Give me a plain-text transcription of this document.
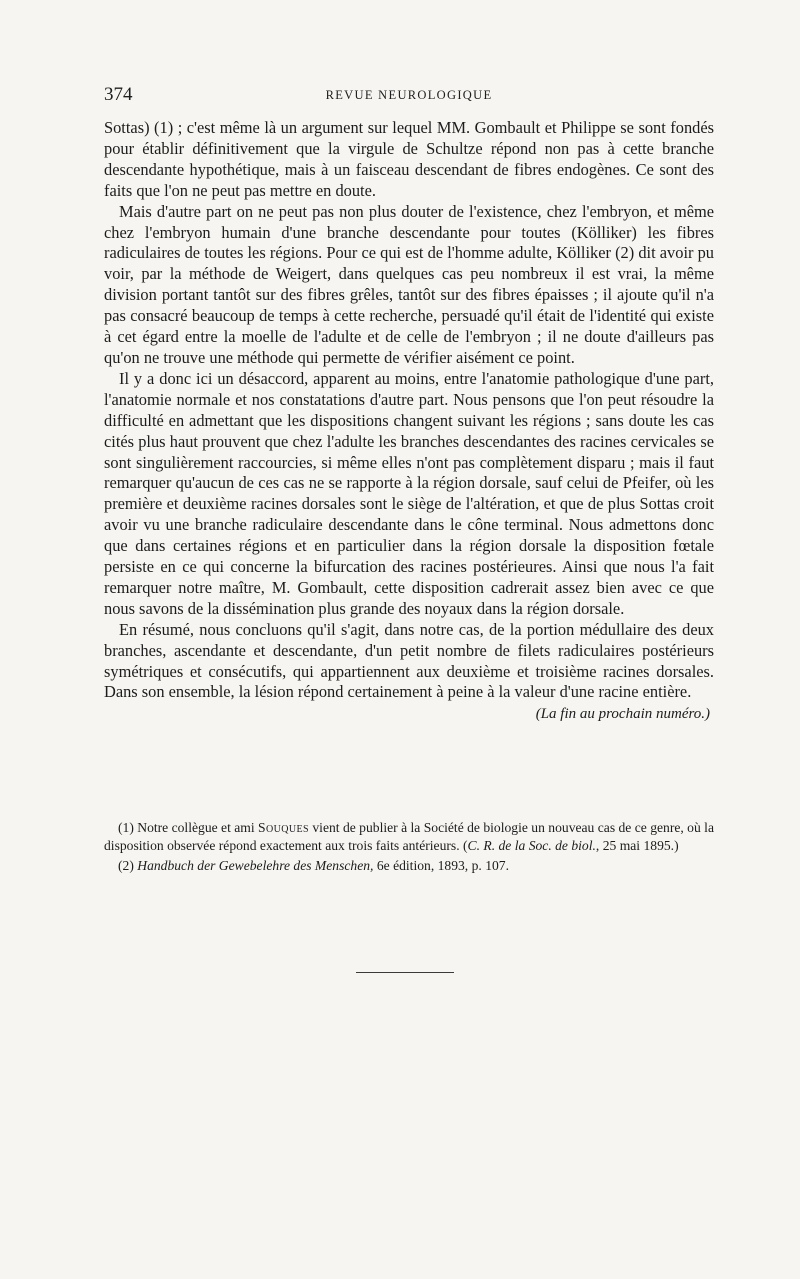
374	REVUE NEUROLOGIQUE

Sottas) (1) ; c'est même là un argument sur lequel MM. Gombault et Philippe se sont fondés pour établir définitivement que la virgule de Schultze répond non pas à cette branche descendante hypothétique, mais à un faisceau descendant de fibres endogènes. Ce sont des faits que l'on ne peut pas mettre en doute.

Mais d'autre part on ne peut pas non plus douter de l'existence, chez l'embryon, et même chez l'embryon humain d'une branche descendante pour toutes (Kölliker) les fibres radiculaires de toutes les régions. Pour ce qui est de l'homme adulte, Kölliker (2) dit avoir pu voir, par la méthode de Weigert, dans quelques cas peu nombreux il est vrai, la même division portant tantôt sur des fibres grêles, tantôt sur des fibres épaisses ; il ajoute qu'il n'a pas consacré beaucoup de temps à cette recherche, persuadé qu'il était de l'identité qui existe à cet égard entre la moelle de l'adulte et de celle de l'embryon ; il ne doute d'ailleurs pas qu'on ne trouve une méthode qui permette de vérifier aisément ce point.

Il y a donc ici un désaccord, apparent au moins, entre l'anatomie pathologique d'une part, l'anatomie normale et nos constatations d'autre part. Nous pensons que l'on peut résoudre la difficulté en admettant que les dispositions changent suivant les régions ; sans doute les cas cités plus haut prouvent que chez l'adulte les branches descendantes des racines cervicales se sont singulièrement raccourcies, si même elles n'ont pas complètement disparu ; mais il faut remarquer qu'aucun de ces cas ne se rapporte à la région dorsale, sauf celui de Pfeifer, où les première et deuxième racines dorsales sont le siège de l'altération, et que de plus Sottas croit avoir vu une branche radiculaire descendante dans le cône terminal. Nous admettons donc que dans certaines régions et en particulier dans la région dorsale la disposition fœtale persiste en ce qui concerne la bifurcation des racines postérieures. Ainsi que nous l'a fait remarquer notre maître, M. Gombault, cette disposition cadrerait assez bien avec ce que nous savons de la dissémination plus grande des noyaux dans la région dorsale.

En résumé, nous concluons qu'il s'agit, dans notre cas, de la portion médullaire des deux branches, ascendante et descendante, d'un petit nombre de filets radiculaires postérieurs symétriques et consécutifs, qui appartiennent aux deuxième et troisième racines dorsales. Dans son ensemble, la lésion répond certainement à peine à la valeur d'une racine entière.

(La fin au prochain numéro.)

(1) Notre collègue et ami Souques vient de publier à la Société de biologie un nouveau cas de ce genre, où la disposition observée répond exactement aux trois faits antérieurs. (C. R. de la Soc. de biol., 25 mai 1895.)

(2) Handbuch der Gewebelehre des Menschen, 6e édition, 1893, p. 107.
